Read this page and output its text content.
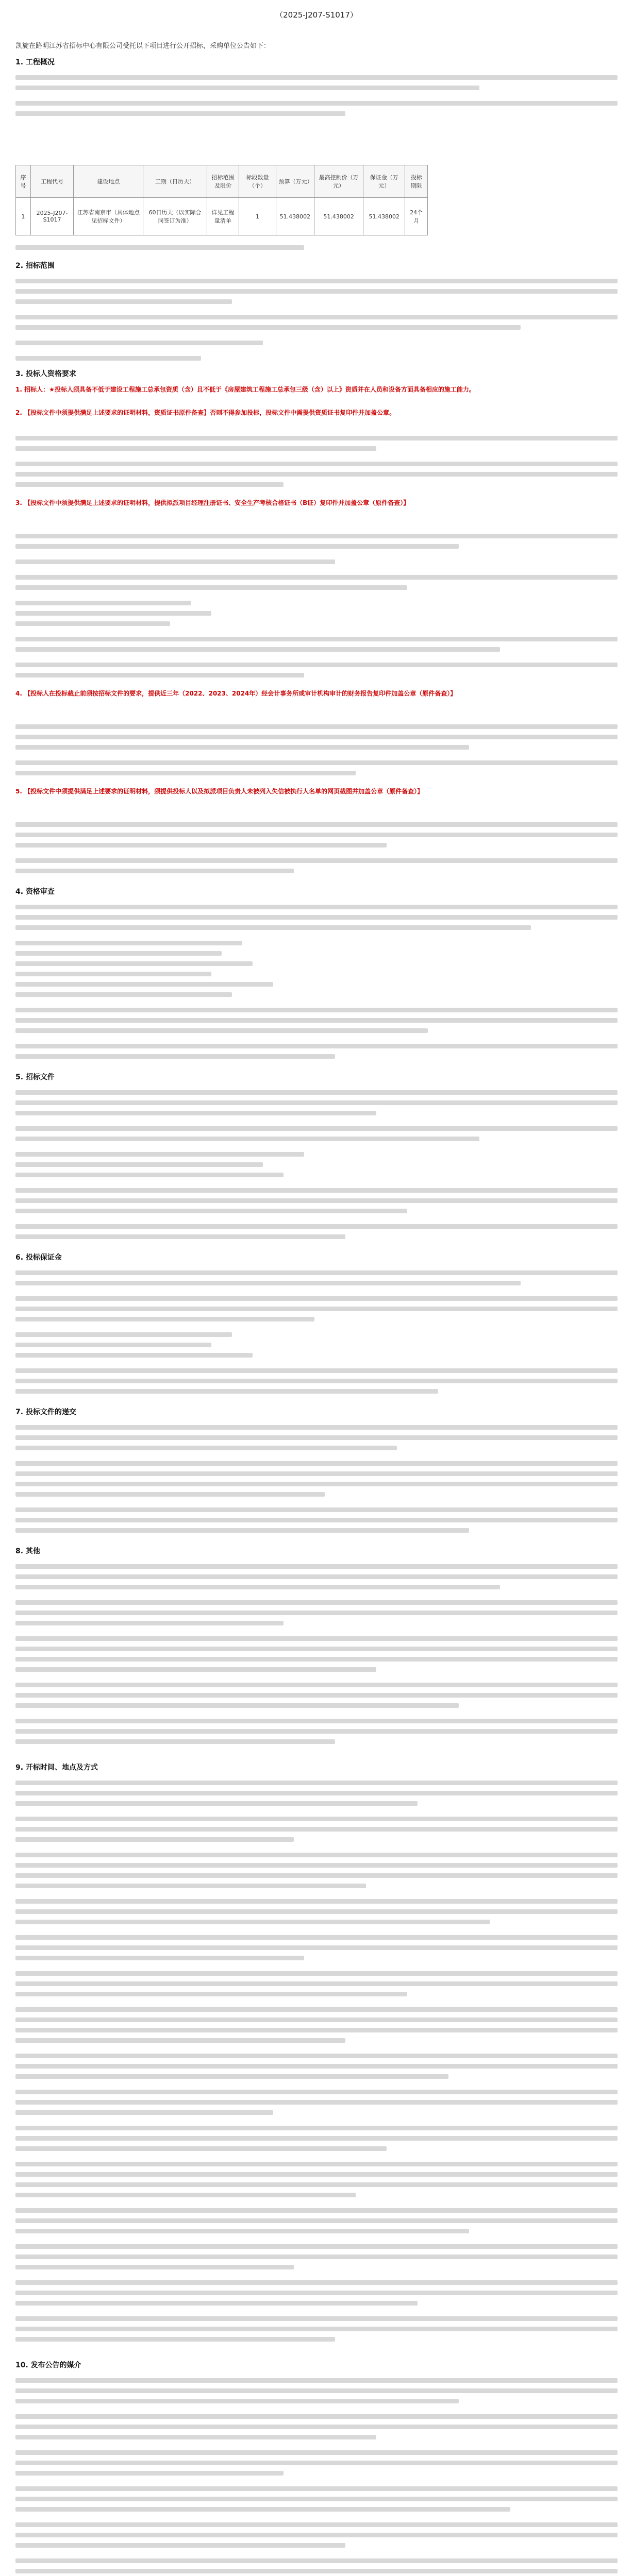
（2025-J207-S1017）
凯旋在路明江苏省招标中心有限公司受托以下项目进行公开招标，采购单位公告如下：
1. 工程概况
序号	工程代号	建设地点	工期（日历天）	招标范围及限价	标段数量（个）	预算（万元）	最高控制价（万元）	保证金（万元）	投标期限
1	2025-J207-S1017	江苏省南京市（具体地点见招标文件）	60日历天（以实际合同签订为准）	详见工程量清单	1	51.438002	51.438002	51.438002	24个月
2. 招标范围
3. 投标人资格要求
1. 招标人：★投标人须具备不低于建设工程施工总承包资质（含）且不低于《房屋建筑工程施工总承包三级（含）以上》资质并在人员和设备方面具备相应的施工能力。
2. 【投标文件中须提供满足上述要求的证明材料，资质证书原件备查】否则不得参加投标，投标文件中需提供资质证书复印件并加盖公章。
3. 【投标文件中须提供满足上述要求的证明材料，提供拟派项目经理注册证书、安全生产考核合格证书（B证）复印件并加盖公章（原件备查）】
4. 【投标人在投标截止前须按招标文件的要求，提供近三年（2022、2023、2024年）经会计事务所或审计机构审计的财务报告复印件加盖公章（原件备查）】
5. 【投标文件中须提供满足上述要求的证明材料，须提供投标人以及拟派项目负责人未被列入失信被执行人名单的网页截图并加盖公章（原件备查）】
4. 资格审查
5. 招标文件
6. 投标保证金
7. 投标文件的递交
8. 其他
9. 开标时间、地点及方式
10. 发布公告的媒介
